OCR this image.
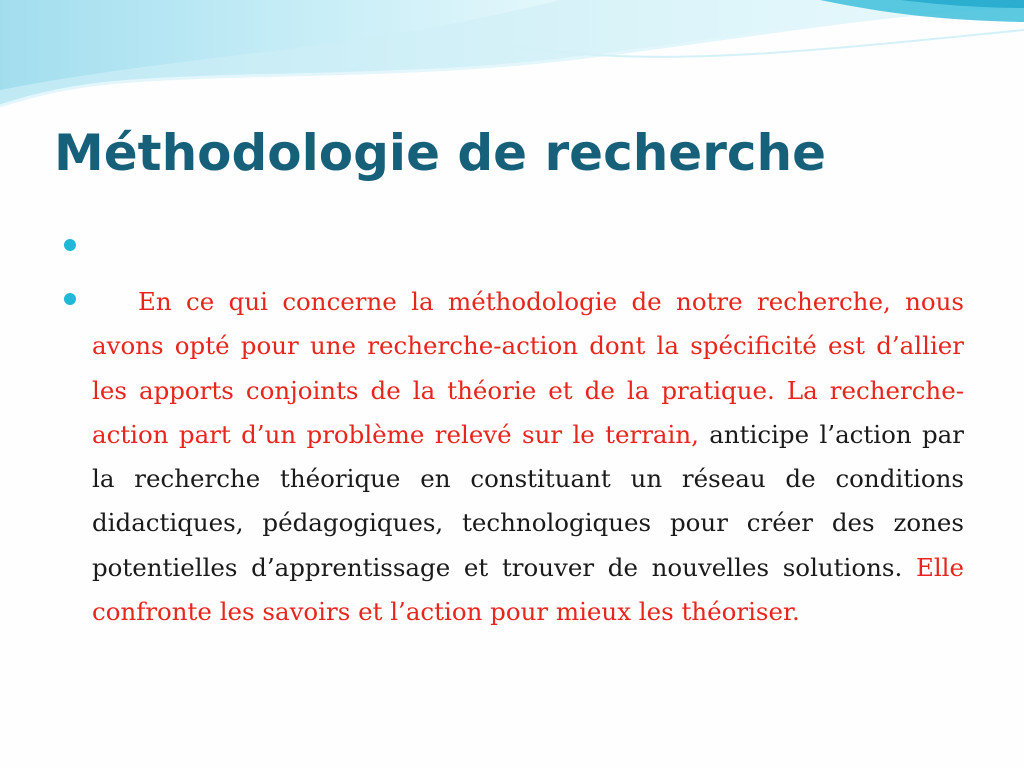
Méthodologie de recherche

En ce qui concerne la méthodologie de notre recherche, nous avons opté pour une recherche-action dont la spécificité est d’allier les apports conjoints de la théorie et de la pratique. La recherche-action part d’un problème relevé sur le terrain, anticipe l’action par la recherche théorique en constituant un réseau de conditions didactiques, pédagogiques, technologiques pour créer des zones potentielles d’apprentissage et trouver de nouvelles solutions. Elle confronte les savoirs et l’action pour mieux les théoriser.
